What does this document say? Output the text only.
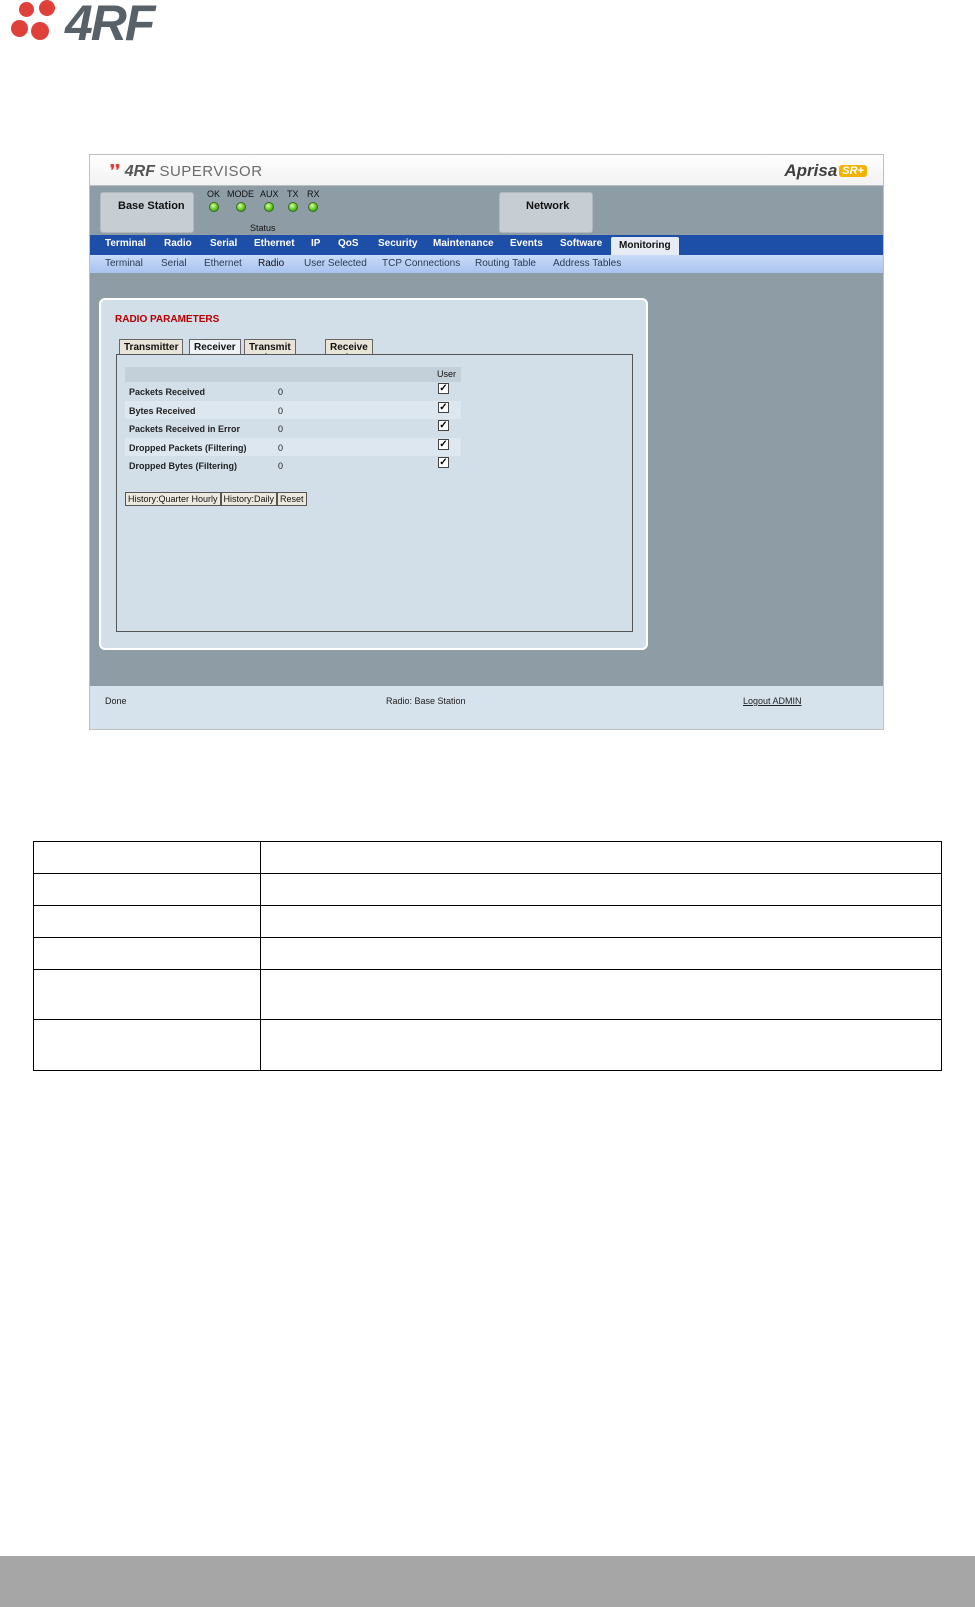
4RF
❜❜ 4RF SUPERVISOR	Aprisa SR+
Base Station
OK MODE AUX TX RX
Status
Network
Terminal Radio Serial Ethernet IP QoS Security Maintenance Events Software	Monitoring
Terminal Serial Ethernet Radio User Selected TCP Connections Routing Table Address Tables
RADIO PARAMETERS
Transmitter	Receiver	Transmit	Receive
User
Packets Received	0	✓
Bytes Received	0	✓
Packets Received in Error	0	✓
Dropped Packets (Filtering)	0	✓
Dropped Bytes (Filtering)	0	✓
History:Quarter Hourly History:Daily Reset
Done	Radio: Base Station	Logout ADMIN
